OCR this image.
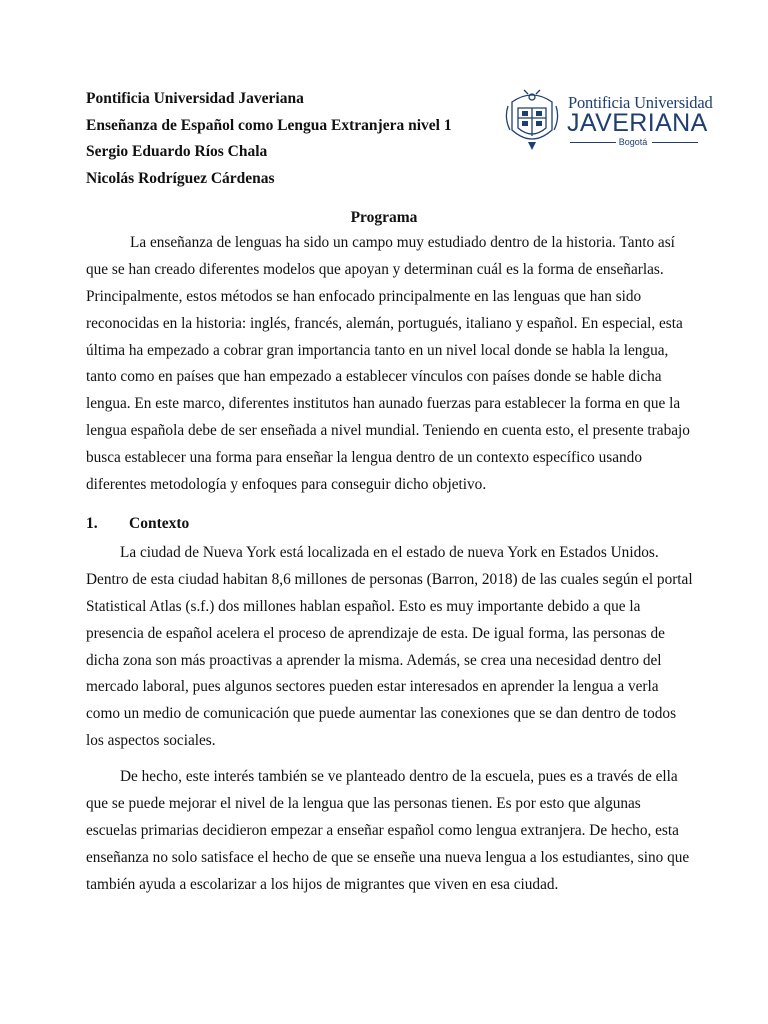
Pontificia Universidad Javeriana
Enseñanza de Español como Lengua Extranjera nivel 1
Sergio Eduardo Ríos Chala
Nicolás Rodríguez Cárdenas
Pontificia Universidad
JAVERIANA
Bogotá
Programa
La enseñanza de lenguas ha sido un campo muy estudiado dentro de la historia. Tanto así
que se han creado diferentes modelos que apoyan y determinan cuál es la forma de enseñarlas.
Principalmente, estos métodos se han enfocado principalmente en las lenguas que han sido
reconocidas en la historia: inglés, francés, alemán, portugués, italiano y español. En especial, esta
última ha empezado a cobrar gran importancia tanto en un nivel local donde se habla la lengua,
tanto como en países que han empezado a establecer vínculos con países donde se hable dicha
lengua. En este marco, diferentes institutos han aunado fuerzas para establecer la forma en que la
lengua española debe de ser enseñada a nivel mundial. Teniendo en cuenta esto, el presente trabajo
busca establecer una forma para enseñar la lengua dentro de un contexto específico usando
diferentes metodología y enfoques para conseguir dicho objetivo.
1. Contexto
La ciudad de Nueva York está localizada en el estado de nueva York en Estados Unidos.
Dentro de esta ciudad habitan 8,6 millones de personas (Barron, 2018) de las cuales según el portal
Statistical Atlas (s.f.) dos millones hablan español. Esto es muy importante debido a que la
presencia de español acelera el proceso de aprendizaje de esta. De igual forma, las personas de
dicha zona son más proactivas a aprender la misma. Además, se crea una necesidad dentro del
mercado laboral, pues algunos sectores pueden estar interesados en aprender la lengua a verla
como un medio de comunicación que puede aumentar las conexiones que se dan dentro de todos
los aspectos sociales.
De hecho, este interés también se ve planteado dentro de la escuela, pues es a través de ella
que se puede mejorar el nivel de la lengua que las personas tienen. Es por esto que algunas
escuelas primarias decidieron empezar a enseñar español como lengua extranjera. De hecho, esta
enseñanza no solo satisface el hecho de que se enseñe una nueva lengua a los estudiantes, sino que
también ayuda a escolarizar a los hijos de migrantes que viven en esa ciudad.
